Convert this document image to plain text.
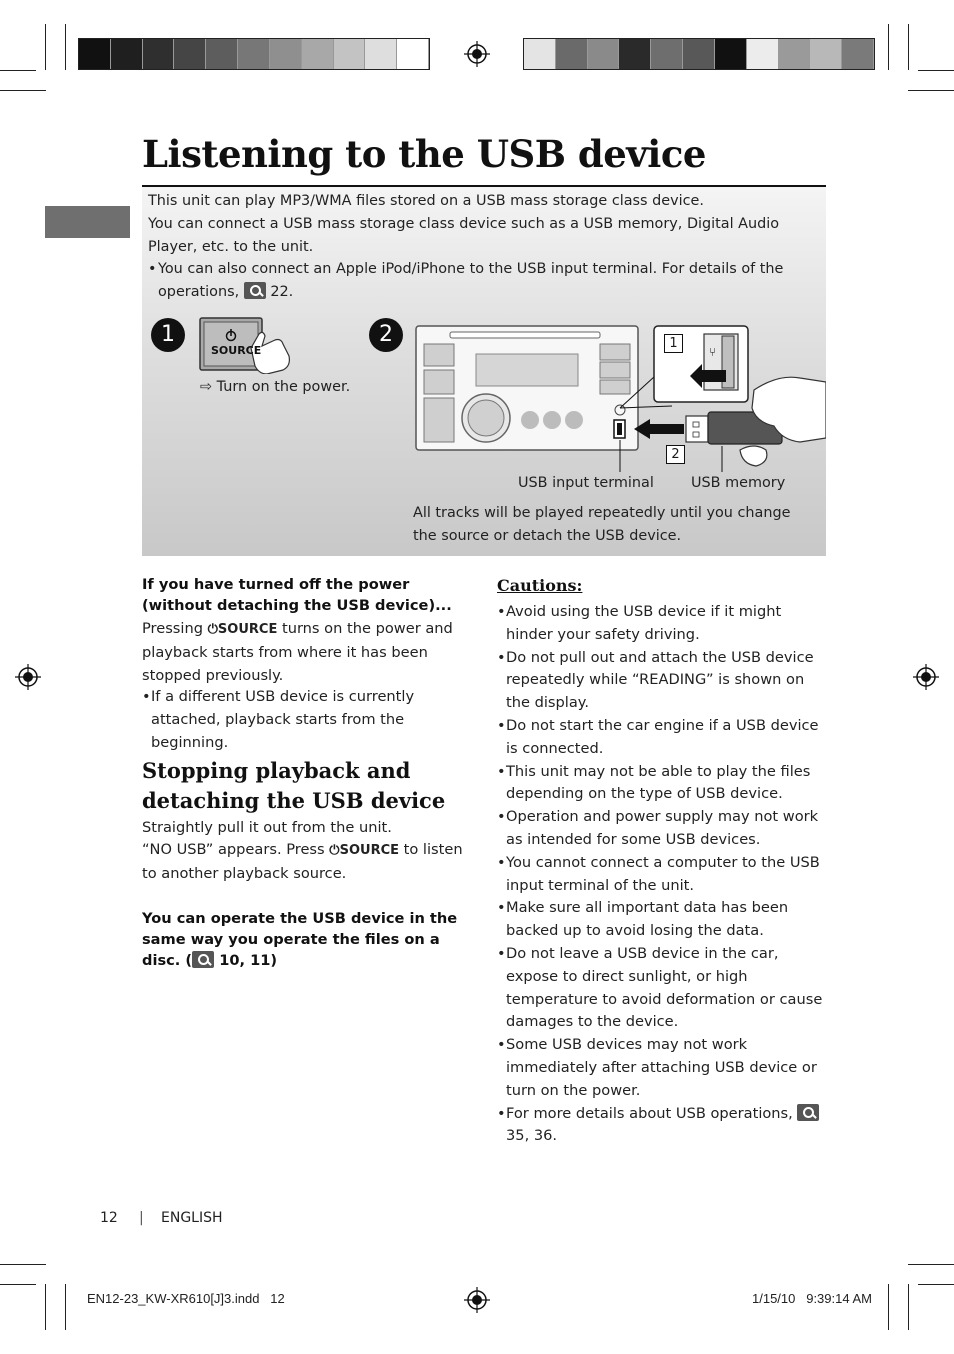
Listening to the USB device
This unit can play MP3/WMA files stored on a USB mass storage class device.
You can connect a USB mass storage class device such as a USB memory, Digital Audio Player, etc. to the unit.
• You can also connect an Apple iPod/iPhone to the USB input terminal. For details of the operations, 22.
1
SOURCE
⇨ Turn on the power.
2
⑂
1
2
USB input terminal	USB memory
All tracks will be played repeatedly until you change the source or detach the USB device.
If you have turned off the power (without detaching the USB device)...
Pressing ⏻SOURCE turns on the power and playback starts from where it has been stopped previously.
• If a different USB device is currently attached, playback starts from the beginning.
Stopping playback and detaching the USB device
Straightly pull it out from the unit.
“NO USB” appears. Press ⏻SOURCE to listen to another playback source.
You can operate the USB device in the same way you operate the files on a disc. ( 10, 11)
Cautions:
• Avoid using the USB device if it might hinder your safety driving.
• Do not pull out and attach the USB device repeatedly while “READING” is shown on the display.
• Do not start the car engine if a USB device is connected.
• This unit may not be able to play the files depending on the type of USB device.
• Operation and power supply may not work as intended for some USB devices.
• You cannot connect a computer to the USB input terminal of the unit.
• Make sure all important data has been backed up to avoid losing the data.
• Do not leave a USB device in the car, expose to direct sunlight, or high temperature to avoid deformation or cause damages to the device.
• Some USB devices may not work immediately after attaching USB device or turn on the power.
• For more details about USB operations,  35, 36.
12 | ENGLISH
EN12-23_KW-XR610[J]3.indd   12	1/15/10   9:39:14 AM
